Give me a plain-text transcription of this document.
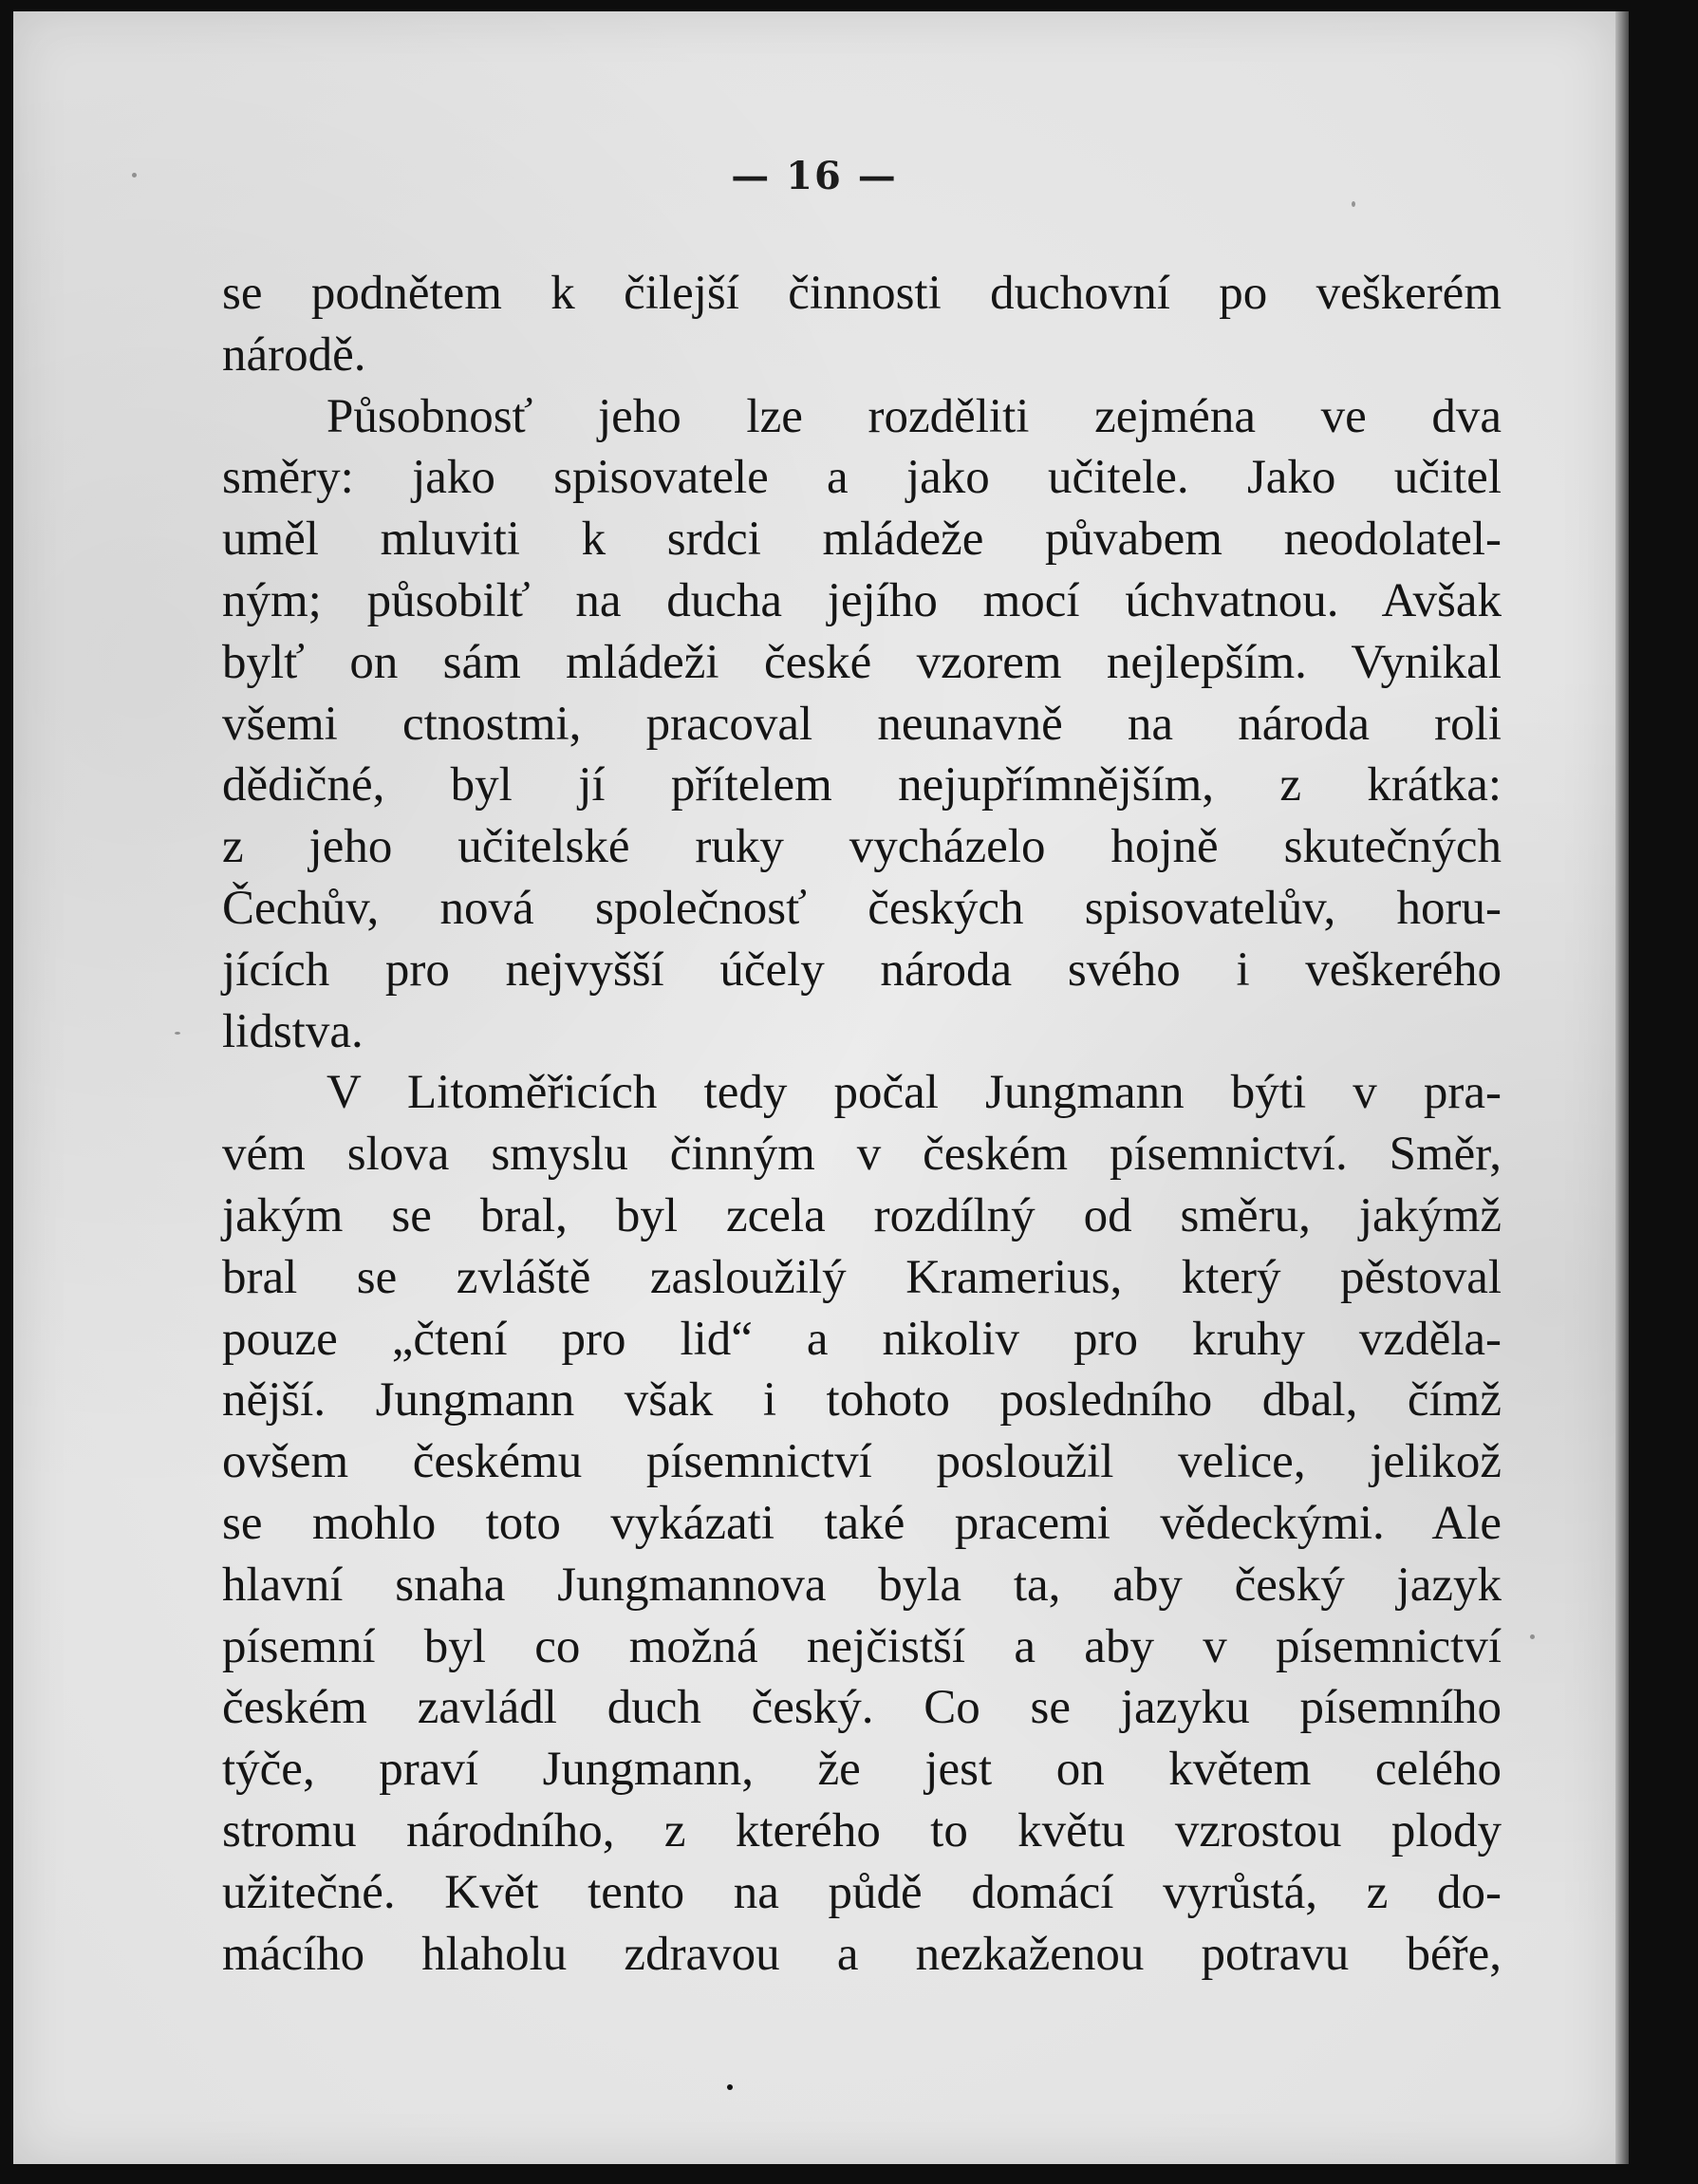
— 16 —
se podnětem k čilejší činnosti duchovní po veškerém
národě.
Působnosť jeho lze rozděliti zejména ve dva
směry: jako spisovatele a jako učitele. Jako učitel
uměl mluviti k srdci mládeže půvabem neodolatel-
ným; působilť na ducha jejího mocí úchvatnou. Avšak
bylť on sám mládeži české vzorem nejlepším. Vynikal
všemi ctnostmi, pracoval neunavně na národa roli
dědičné, byl jí přítelem nejupřímnějším, z krátka:
z jeho učitelské ruky vycházelo hojně skutečných
Čechův, nová společnosť českých spisovatelův, horu-
jících pro nejvyšší účely národa svého i veškerého
lidstva.
V Litoměřicích tedy počal Jungmann býti v pra-
vém slova smyslu činným v českém písemnictví. Směr,
jakým se bral, byl zcela rozdílný od směru, jakýmž
bral se zvláště zasloužilý Kramerius, který pěstoval
pouze „čtení pro lid“ a nikoliv pro kruhy vzděla-
nější. Jungmann však i tohoto posledního dbal, čímž
ovšem českému písemnictví posloužil velice, jelikož
se mohlo toto vykázati také pracemi vědeckými. Ale
hlavní snaha Jungmannova byla ta, aby český jazyk
písemní byl co možná nejčistší a aby v písemnictví
českém zavládl duch český. Co se jazyku písemního
týče, praví Jungmann, že jest on květem celého
stromu národního, z kterého to květu vzrostou plody
užitečné. Květ tento na půdě domácí vyrůstá, z do-
mácího hlaholu zdravou a nezkaženou potravu béře,
